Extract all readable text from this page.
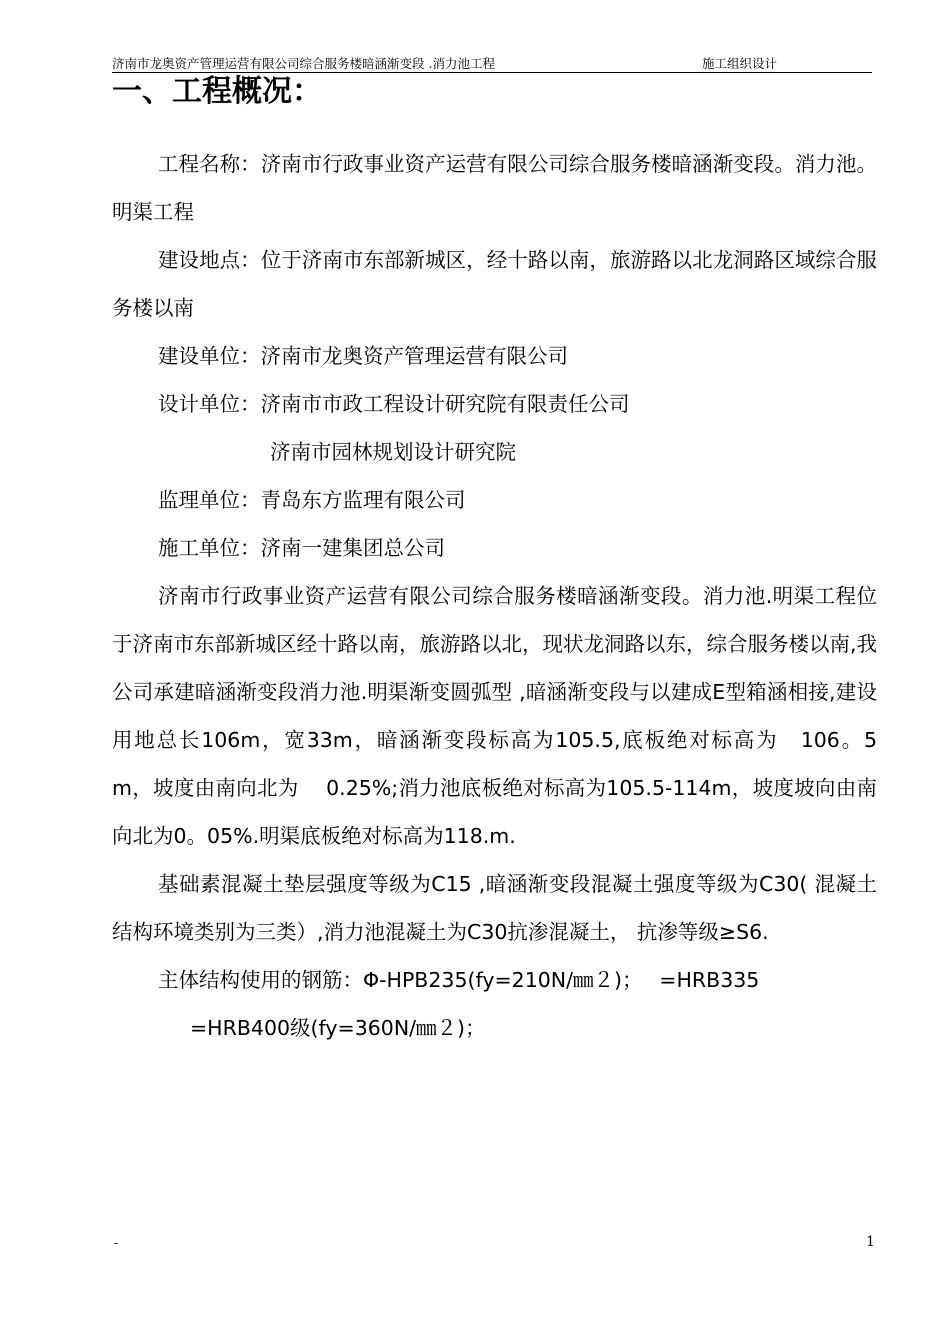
济南市龙奥资产管理运营有限公司综合服务楼暗涵渐变段 .消力池工程	施工组织设计
一、工程概况：

工程名称：济南市行政事业资产运营有限公司综合服务楼暗涵渐变段。消力池。明渠工程

建设地点：位于济南市东部新城区，经十路以南，旅游路以北龙洞路区域综合服务楼以南

建设单位：济南市龙奥资产管理运营有限公司

设计单位：济南市市政工程设计研究院有限责任公司

济南市园林规划设计研究院

监理单位：青岛东方监理有限公司

施工单位：济南一建集团总公司

济南市行政事业资产运营有限公司综合服务楼暗涵渐变段。消力池.明渠工程位于济南市东部新城区经十路以南，旅游路以北，现状龙洞路以东，综合服务楼以南,我公司承建暗涵渐变段消力池.明渠渐变圆弧型 ,暗涵渐变段与以建成E型箱涵相接,建设用地总长106m，宽33m，暗涵渐变段标高为105.5,底板绝对标高为　106。5　m，坡度由南向北为　 0.25%;消力池底板绝对标高为105.5-114m，坡度坡向由南向北为0。05%.明渠底板绝对标高为118.m.

基础素混凝土垫层强度等级为C15 ,暗涵渐变段混凝土强度等级为C30( 混凝土结构环境类别为三类）,消力池混凝土为C30抗渗混凝土， 抗渗等级≥S6.

主体结构使用的钢筋：Φ-HPB235(fy=210N/㎜２)；　 =HRB335

=HRB400级(fy=360N/㎜２)；

-	1
